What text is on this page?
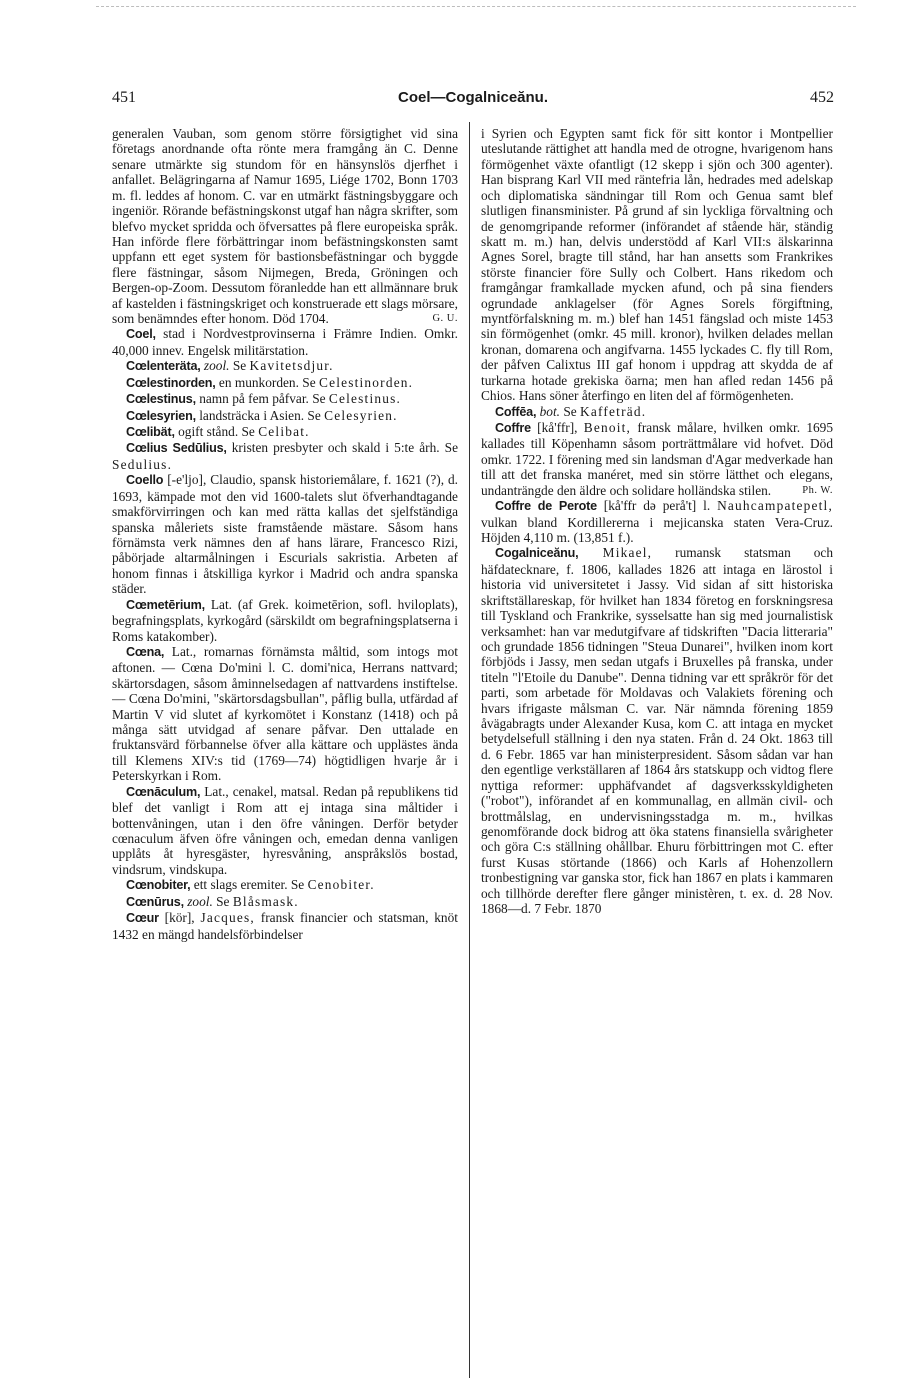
451	Coel—Cogalniceănu.	452

generalen Vauban, som genom större försigtighet vid sina företags anordnande ofta rönte mera framgång än C. Denne senare utmärkte sig stundom för en hänsynslös djerfhet i anfallet. Belägringarna af Namur 1695, Liége 1702, Bonn 1703 m. fl. leddes af honom. C. var en utmärkt fästningsbyggare och ingeniör. Rörande befästningskonst utgaf han några skrifter, som blefvo mycket spridda och öfversattes på flere europeiska språk. Han införde flere förbättringar inom befästningskonsten samt uppfann ett eget system för bastionsbefästningar och byggde flere fästningar, såsom Nijmegen, Breda, Gröningen och Bergen-op-Zoom. Dessutom föranledde han ett allmännare bruk af kastelden i fästningskriget och konstruerade ett slags mörsare, som benämndes efter honom. Död 1704.	G. U.

Coel, stad i Nordvestprovinserna i Främre Indien. Omkr. 40,000 innev. Engelsk militärstation.

Cœlenteräta, zool. Se Kavitetsdjur.

Cœlestinorden, en munkorden. Se Celestinorden.

Cœlestinus, namn på fem påfvar. Se Celestinus.

Cœlesyrien, landsträcka i Asien. Se Celesyrien.

Cœlibät, ogift stånd. Se Celibat.

Cœlius Sedūlius, kristen presbyter och skald i 5:te årh. Se Sedulius.

Coello [-e'ljo], Claudio, spansk historiemålare, f. 1621 (?), d. 1693, kämpade mot den vid 1600-talets slut öfverhandtagande smakförvirringen och kan med rätta kallas det sjelfständiga spanska måleriets siste framstående mästare. Såsom hans förnämsta verk nämnes den af hans lärare, Francesco Rizi, påbörjade altarmålningen i Escurials sakristia. Arbeten af honom finnas i åtskilliga kyrkor i Madrid och andra spanska städer.

Cœmetērium, Lat. (af Grek. koimetērion, sofl. hviloplats), begrafningsplats, kyrkogård (särskildt om begrafningsplatserna i Roms katakomber).

Cœna, Lat., romarnas förnämsta måltid, som intogs mot aftonen. — Cœna Do'mini l. C. domi'nica, Herrans nattvard; skärtorsdagen, såsom åminnelsedagen af nattvardens instiftelse. — Cœna Do'mini, "skärtorsdagsbullan", påflig bulla, utfärdad af Martin V vid slutet af kyrkomötet i Konstanz (1418) och på många sätt utvidgad af senare påfvar. Den uttalade en fruktansvärd förbannelse öfver alla kättare och upplästes ända till Klemens XIV:s tid (1769—74) högtidligen hvarje år i Peterskyrkan i Rom.

Cœnāculum, Lat., cenakel, matsal. Redan på republikens tid blef det vanligt i Rom att ej intaga sina måltider i bottenvåningen, utan i den öfre våningen. Derför betyder cœnaculum äfven öfre våningen och, emedan denna vanligen upplåts åt hyresgäster, hyresvåning, anspråkslös bostad, vindsrum, vindskupa.

Cœnobiter, ett slags eremiter. Se Cenobiter.

Cœnūrus, zool. Se Blåsmask.

Cœur [kör], Jacques, fransk financier och statsman, knöt 1432 en mängd handelsförbindelser

i Syrien och Egypten samt fick för sitt kontor i Montpellier uteslutande rättighet att handla med de otrogne, hvarigenom hans förmögenhet växte ofantligt (12 skepp i sjön och 300 agenter). Han bisprang Karl VII med räntefria lån, hedrades med adelskap och diplomatiska sändningar till Rom och Genua samt blef slutligen finansminister. På grund af sin lyckliga förvaltning och de genomgripande reformer (införandet af stående här, ständig skatt m. m.) han, delvis understödd af Karl VII:s älskarinna Agnes Sorel, bragte till stånd, har han ansetts som Frankrikes störste financier före Sully och Colbert. Hans rikedom och framgångar framkallade mycken afund, och på sina fienders ogrundade anklagelser (för Agnes Sorels förgiftning, myntförfalskning m. m.) blef han 1451 fängslad och miste 1453 sin förmögenhet (omkr. 45 mill. kronor), hvilken delades mellan kronan, domarena och angifvarna. 1455 lyckades C. fly till Rom, der påfven Calixtus III gaf honom i uppdrag att skydda de af turkarna hotade grekiska öarna; men han afled redan 1456 på Chios. Hans söner återfingo en liten del af förmögenheten.

Coffēa, bot. Se Kaffeträd.

Coffre [kå'ffr], Benoit, fransk målare, hvilken omkr. 1695 kallades till Köpenhamn såsom porträttmålare vid hofvet. Död omkr. 1722. I förening med sin landsman d'Agar medverkade han till att det franska manéret, med sin större lätthet och elegans, undanträngde den äldre och solidare holländska stilen.	Ph. W.

Coffre de Perote [kå'ffr də perå't] l. Nauhcampatepetl, vulkan bland Kordillererna i mejicanska staten Vera-Cruz. Höjden 4,110 m. (13,851 f.).

Cogalniceănu, Mikael, rumansk statsman och häfdatecknare, f. 1806, kallades 1826 att intaga en lärostol i historia vid universitetet i Jassy. Vid sidan af sitt historiska skriftställareskap, för hvilket han 1834 företog en forskningsresa till Tyskland och Frankrike, sysselsatte han sig med journalistisk verksamhet: han var medutgifvare af tidskriften "Dacia litteraria" och grundade 1856 tidningen "Steua Dunarei", hvilken inom kort förbjöds i Jassy, men sedan utgafs i Bruxelles på franska, under titeln "l'Etoile du Danube". Denna tidning var ett språkrör för det parti, som arbetade för Moldavas och Valakiets förening och hvars ifrigaste målsman C. var. När nämnda förening 1859 åvägabragts under Alexander Kusa, kom C. att intaga en mycket betydelsefull ställning i den nya staten. Från d. 24 Okt. 1863 till d. 6 Febr. 1865 var han ministerpresident. Såsom sådan var han den egentlige verkställaren af 1864 års statskupp och vidtog flere nyttiga reformer: upphäfvandet af dagsverksskyldigheten ("robot"), införandet af en kommunallag, en allmän civil- och brottmålslag, en undervisningsstadga m. m., hvilkas genomförande dock bidrog att öka statens finansiella svårigheter och göra C:s ställning ohållbar. Ehuru förbittringen mot C. efter furst Kusas störtande (1866) och Karls af Hohenzollern tronbestigning var ganska stor, fick han 1867 en plats i kammaren och tillhörde derefter flere gånger ministèren, t. ex. d. 28 Nov. 1868—d. 7 Febr. 1870
